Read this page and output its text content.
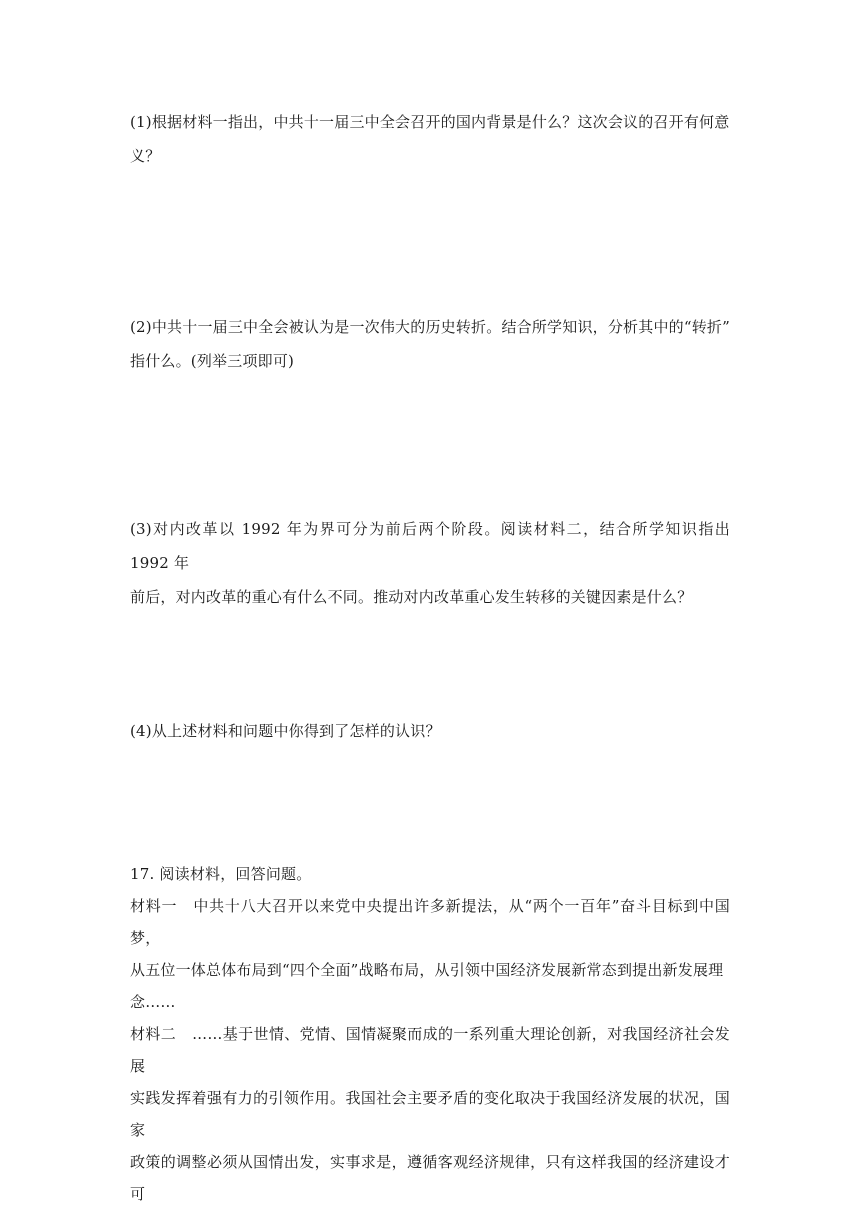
(1)根据材料一指出，中共十一届三中全会召开的国内背景是什么？这次会议的召开有何意

义？

(2)中共十一届三中全会被认为是一次伟大的历史转折。结合所学知识，分析其中的“转折”

指什么。(列举三项即可)

(3)对内改革以 1992 年为界可分为前后两个阶段。阅读材料二，结合所学知识指出 1992 年

前后，对内改革的重心有什么不同。推动对内改革重心发生转移的关键因素是什么？

(4)从上述材料和问题中你得到了怎样的认识？

17. 阅读材料，回答问题。

材料一 中共十八大召开以来党中央提出许多新提法，从“两个一百年”奋斗目标到中国梦，

从五位一体总体布局到“四个全面”战略布局，从引领中国经济发展新常态到提出新发展理

念……

材料二 ……基于世情、党情、国情凝聚而成的一系列重大理论创新，对我国经济社会发展

实践发挥着强有力的引领作用。我国社会主要矛盾的变化取决于我国经济发展的状况，国家

政策的调整必须从国情出发，实事求是，遵循客观经济规律，只有这样我国的经济建设才可
